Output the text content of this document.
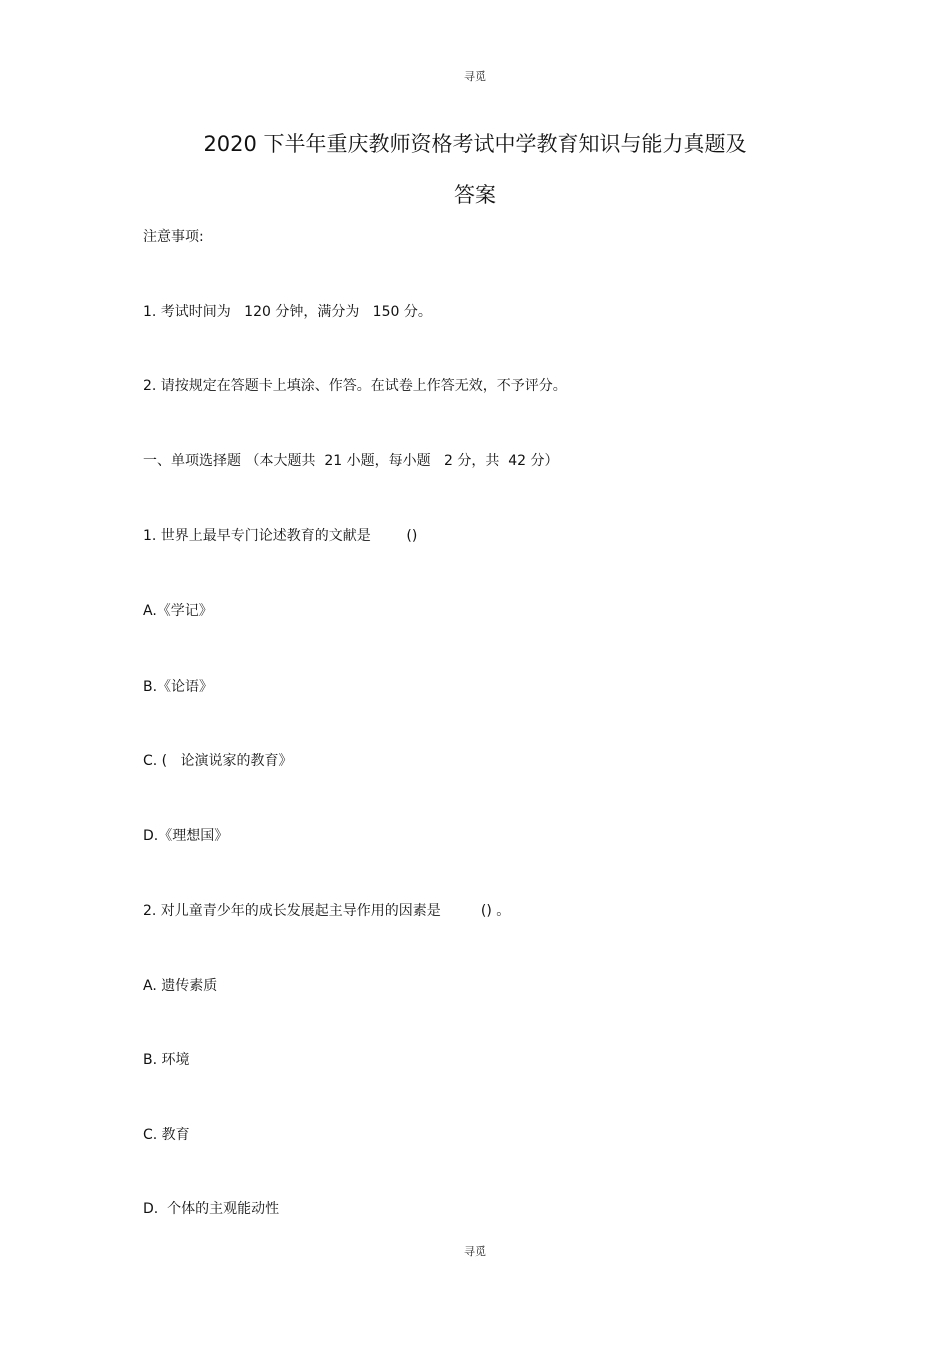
寻觅
2020 下半年重庆教师资格考试中学教育知识与能力真题及
答案
注意事项:
1. 考试时间为   120 分钟，满分为   150 分。
2. 请按规定在答题卡上填涂、作答。在试卷上作答无效，不予评分。
一、单项选择题 （本大题共  21 小题，每小题   2 分，共  42 分）
1. 世界上最早专门论述教育的文献是        ()
A.《学记》
B.《论语》
C. (   论演说家的教育》
D.《理想国》
2. 对儿童青少年的成长发展起主导作用的因素是         () 。
A. 遗传素质
B. 环境
C. 教育
D.  个体的主观能动性
寻觅
